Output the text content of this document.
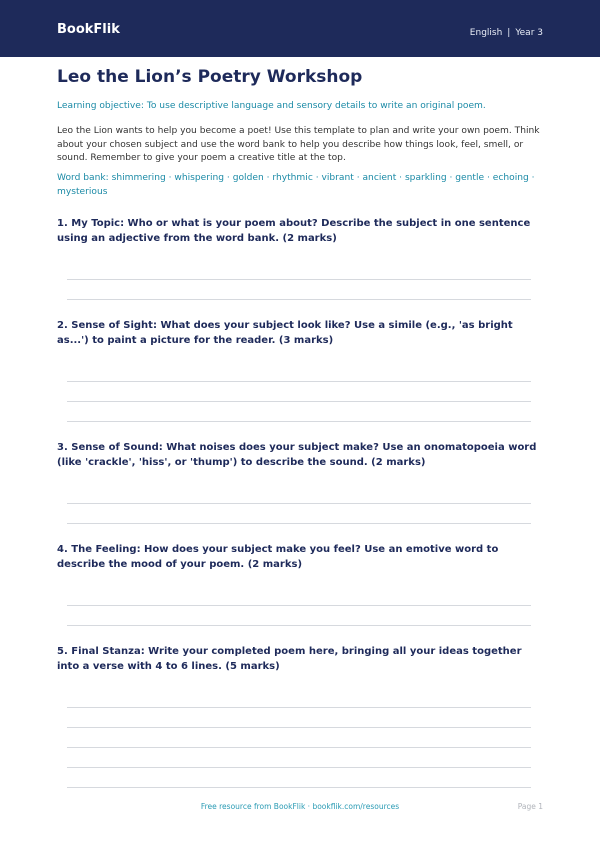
BookFlik	English | Year 3
Leo the Lion’s Poetry Workshop
Learning objective: To use descriptive language and sensory details to write an original poem.
Leo the Lion wants to help you become a poet! Use this template to plan and write your own poem. Think about your chosen subject and use the word bank to help you describe how things look, feel, smell, or sound. Remember to give your poem a creative title at the top.
Word bank: shimmering · whispering · golden · rhythmic · vibrant · ancient · sparkling · gentle · echoing · mysterious
1 . My Topic: Who or what is your poem about? Describe the subject in one sentence using an adjective from the word bank. ( 2 marks )
2 . Sense of Sight: What does your subject look like? Use a simile (e.g., 'as bright as...') to paint a picture for the reader. ( 3 marks )
3 . Sense of Sound: What noises does your subject make? Use an onomatopoeia word (like 'crackle', 'hiss', or 'thump') to describe the sound. ( 2 marks )
4 . The Feeling: How does your subject make you feel? Use an emotive word to describe the mood of your poem. ( 2 marks )
5 . Final Stanza: Write your completed poem here, bringing all your ideas together into a verse with 4 to 6 lines. ( 5 marks )
Free resource from BookFlik · bookflik.com/resources	Page 1
